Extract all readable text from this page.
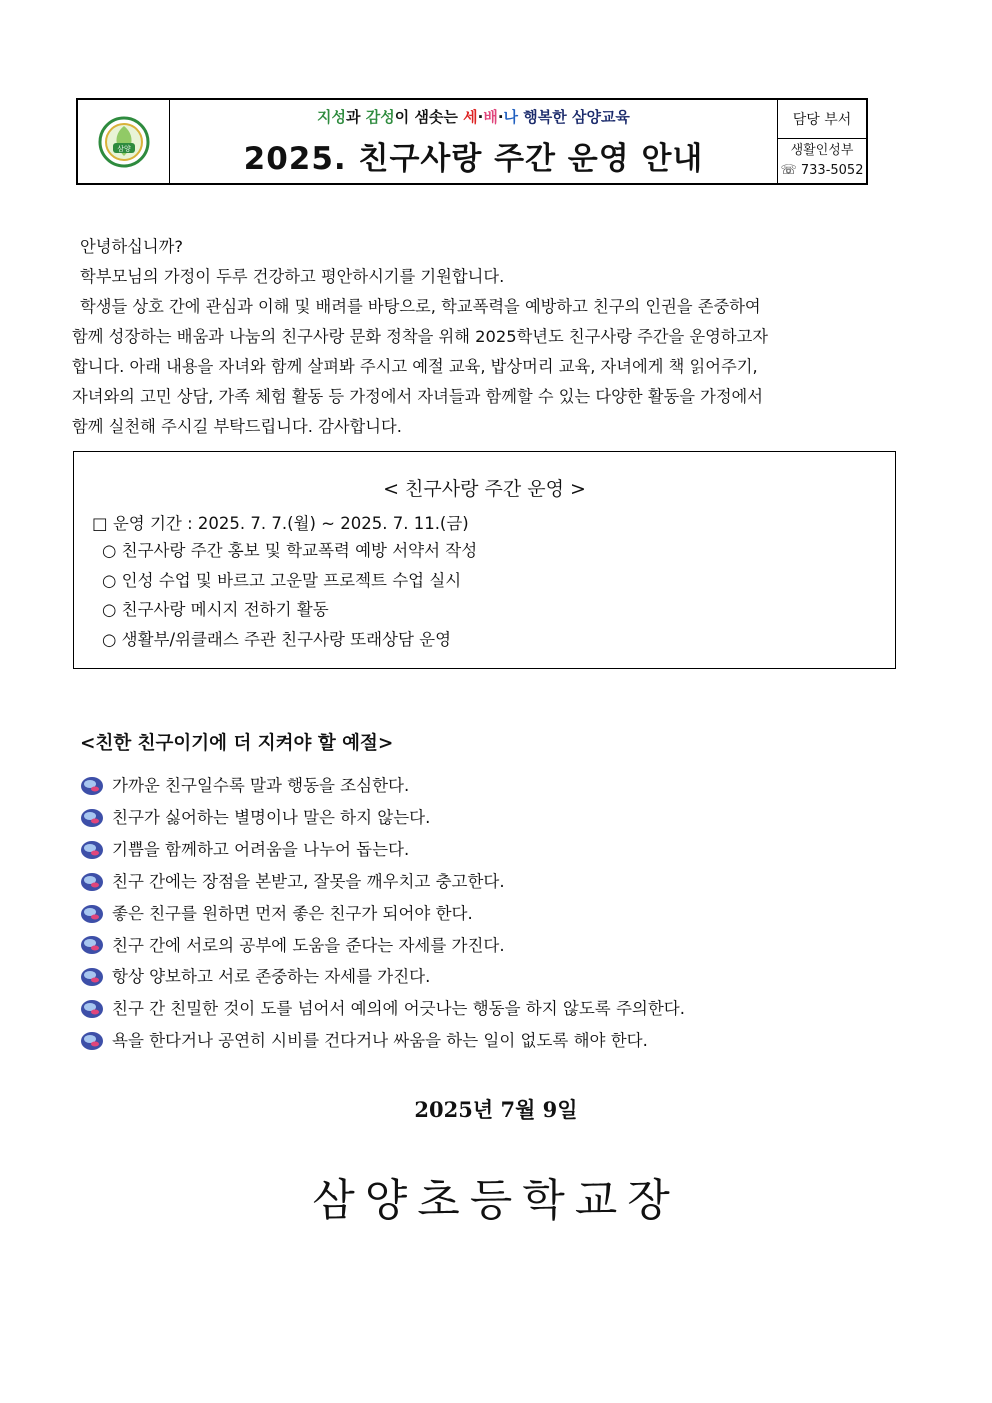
삼양
지성과 감성이 샘솟는 세·배·나 행복한 삼양교육
2025. 친구사랑 주간 운영 안내
담당 부서
생활인성부
☏ 733-5052

안녕하십니까?

학부모님의 가정이 두루 건강하고 평안하시기를 기원합니다.

학생들 상호 간에 관심과 이해 및 배려를 바탕으로, 학교폭력을 예방하고 친구의 인권을 존중하여

함께 성장하는 배움과 나눔의 친구사랑 문화 정착을 위해 2025학년도 친구사랑 주간을 운영하고자

합니다. 아래 내용을 자녀와 함께 살펴봐 주시고 예절 교육, 밥상머리 교육, 자녀에게 책 읽어주기,

자녀와의 고민 상담, 가족 체험 활동 등 가정에서 자녀들과 함께할 수 있는 다양한 활동을 가정에서

함께 실천해 주시길 부탁드립니다. 감사합니다.

< 친구사랑 주간 운영 >
□ 운영 기간 : 2025. 7. 7.(월) ~ 2025. 7. 11.(금)
○ 친구사랑 주간 홍보 및 학교폭력 예방 서약서 작성
○ 인성 수업 및 바르고 고운말 프로젝트 수업 실시
○ 친구사랑 메시지 전하기 활동
○ 생활부/위클래스 주관 친구사랑 또래상담 운영
<친한 친구이기에 더 지켜야 할 예절>
가까운 친구일수록 말과 행동을 조심한다.
친구가 싫어하는 별명이나 말은 하지 않는다.
기쁨을 함께하고 어려움을 나누어 돕는다.
친구 간에는 장점을 본받고, 잘못을 깨우치고 충고한다.
좋은 친구를 원하면 먼저 좋은 친구가 되어야 한다.
친구 간에 서로의 공부에 도움을 준다는 자세를 가진다.
항상 양보하고 서로 존중하는 자세를 가진다.
친구 간 친밀한 것이 도를 넘어서 예의에 어긋나는 행동을 하지 않도록 주의한다.
욕을 한다거나 공연히 시비를 건다거나 싸움을 하는 일이 없도록 해야 한다.
2025년 7월 9일
삼양초등학교장
